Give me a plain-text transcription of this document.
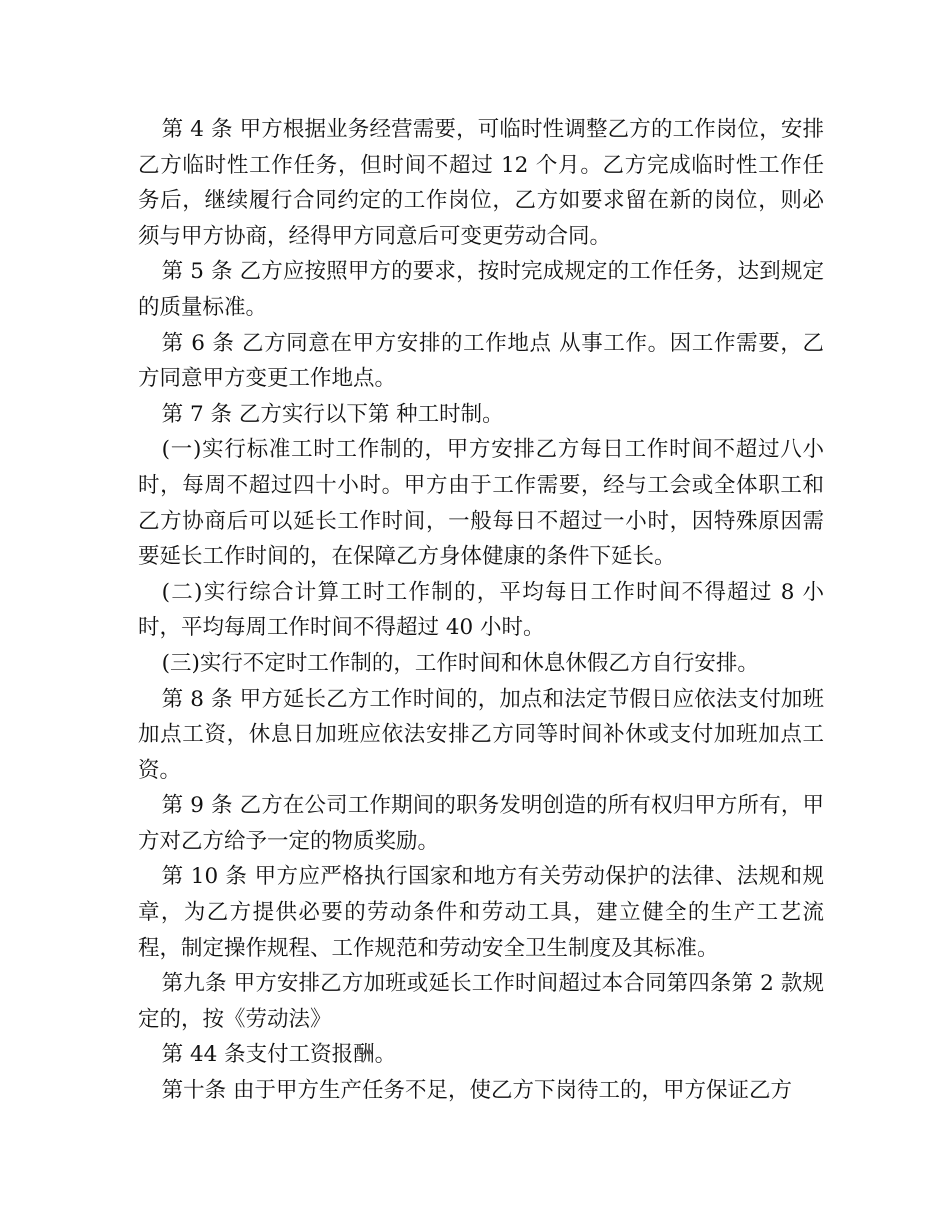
第 4 条 甲方根据业务经营需要，可临时性调整乙方的工作岗位，安排乙方临时性工作任务，但时间不超过 12 个月。乙方完成临时性工作任务后，继续履行合同约定的工作岗位，乙方如要求留在新的岗位，则必须与甲方协商，经得甲方同意后可变更劳动合同。

第 5 条 乙方应按照甲方的要求，按时完成规定的工作任务，达到规定的质量标准。

第 6 条 乙方同意在甲方安排的工作地点 从事工作。因工作需要，乙方同意甲方变更工作地点。

第 7 条 乙方实行以下第 种工时制。

(一)实行标准工时工作制的，甲方安排乙方每日工作时间不超过八小时，每周不超过四十小时。甲方由于工作需要，经与工会或全体职工和乙方协商后可以延长工作时间，一般每日不超过一小时，因特殊原因需要延长工作时间的，在保障乙方身体健康的条件下延长。

(二)实行综合计算工时工作制的，平均每日工作时间不得超过 8 小时，平均每周工作时间不得超过 40 小时。

(三)实行不定时工作制的，工作时间和休息休假乙方自行安排。

第 8 条 甲方延长乙方工作时间的，加点和法定节假日应依法支付加班加点工资，休息日加班应依法安排乙方同等时间补休或支付加班加点工资。

第 9 条 乙方在公司工作期间的职务发明创造的所有权归甲方所有，甲方对乙方给予一定的物质奖励。

第 10 条 甲方应严格执行国家和地方有关劳动保护的法律、法规和规章，为乙方提供必要的劳动条件和劳动工具，建立健全的生产工艺流程，制定操作规程、工作规范和劳动安全卫生制度及其标准。

第九条 甲方安排乙方加班或延长工作时间超过本合同第四条第 2 款规定的，按《劳动法》

第 44 条支付工资报酬。

第十条 由于甲方生产任务不足，使乙方下岗待工的，甲方保证乙方
